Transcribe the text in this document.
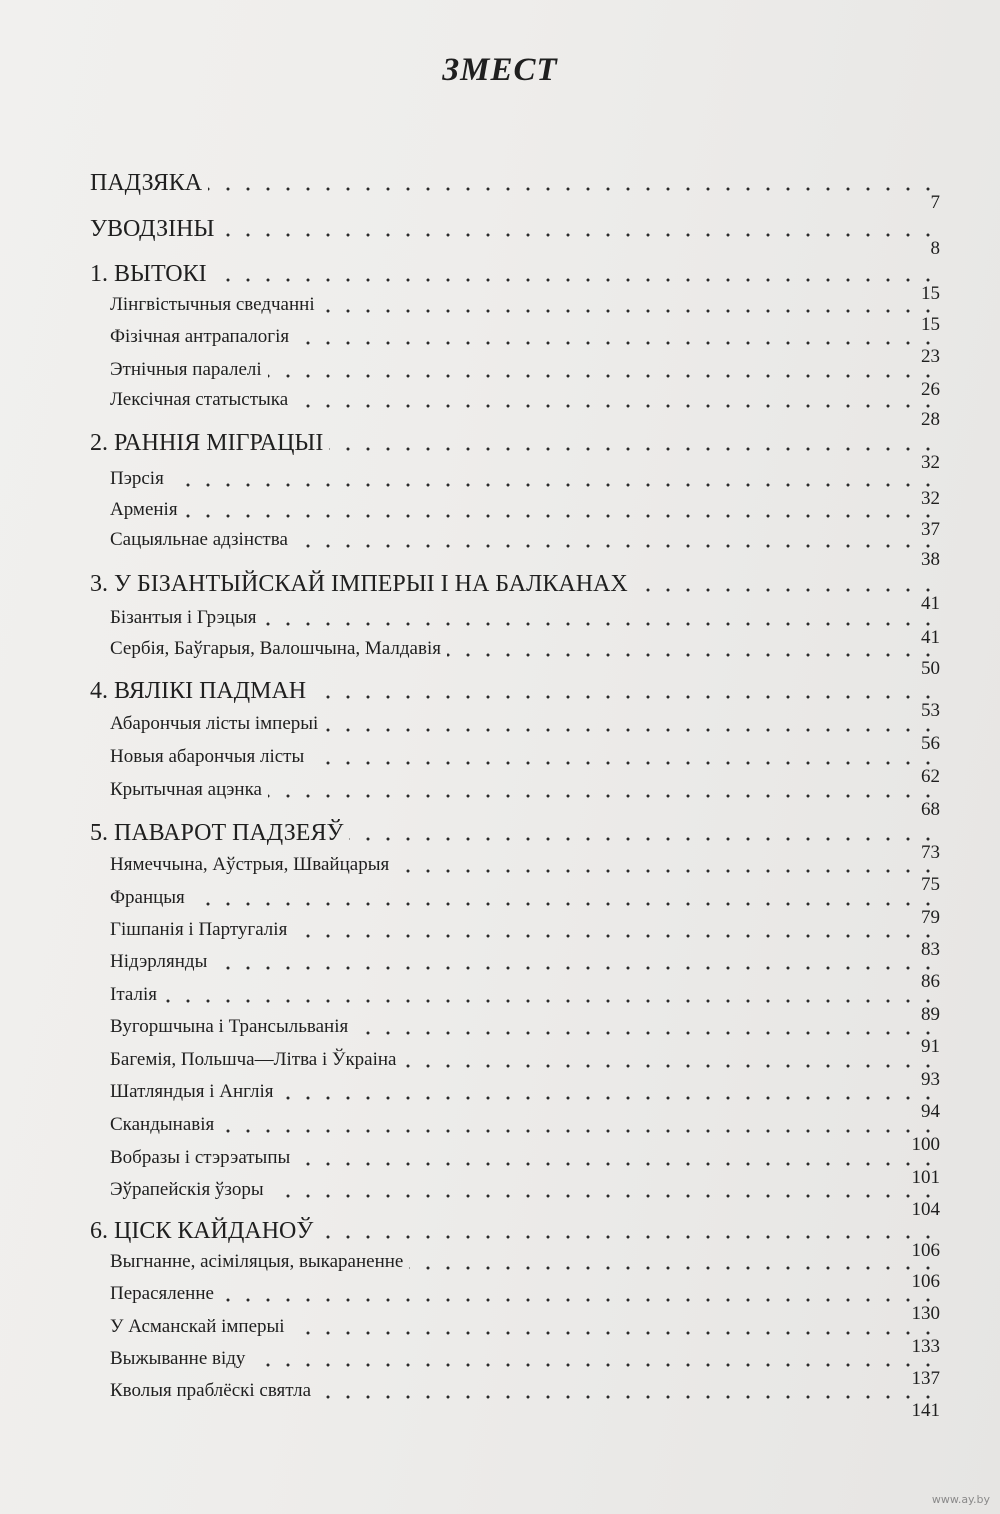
ЗМЕСТ
ПАДЗЯКА
7
УВОДЗІНЫ
8
1. ВЫТОКІ
15
Лінгвістычныя сведчанні
15
Фізічная антрапалогія
23
Этнічныя паралелі
26
Лексічная статыстыка
28
2. РАННІЯ МІГРАЦЫІ
32
Пэрсія
32
Арменія
37
Сацыяльнае адзінства
38
3. У БІЗАНТЫЙСКАЙ ІМПЕРЫІ І НА БАЛКАНАХ
41
Бізантыя і Грэцыя
41
Сербія, Баўгарыя, Валошчына, Малдавія
50
4. ВЯЛІКІ ПАДМАН
53
Абарончыя лісты імперыі
56
Новыя абарончыя лісты
62
Крытычная ацэнка
68
5. ПАВАРОТ ПАДЗЕЯЎ
73
Нямеччына, Аўстрыя, Швайцарыя
75
Францыя
79
Гішпанія і Партугалія
83
Нідэрлянды
86
Італія
89
Вугоршчына і Трансыльванія
91
Багемія, Польшча—Літва і Ўкраіна
93
Шатляндыя і Англія
94
Скандынавія
100
Вобразы і стэрэатыпы
101
Эўрапейскія ўзоры
104
6. ЦІСК КАЙДАНОЎ
106
Выгнанне, асіміляцыя, выкараненне
106
Перасяленне
130
У Асманскай імперыі
133
Выжыванне віду
137
Кволыя праблёскі святла
141
www.ay.by
